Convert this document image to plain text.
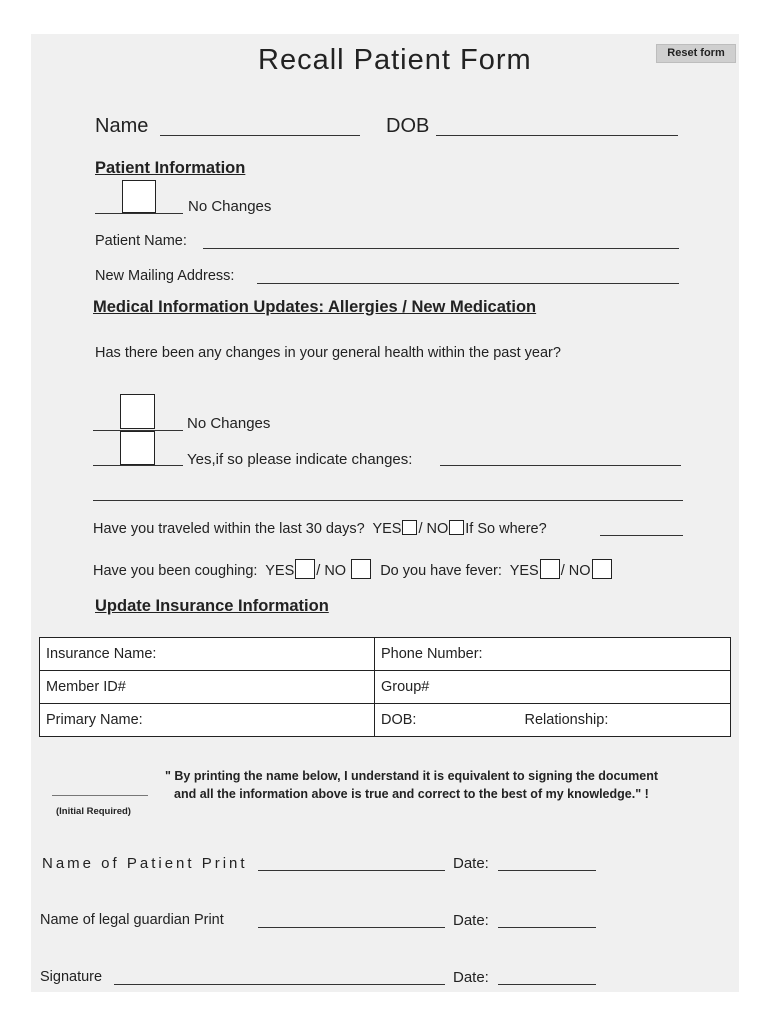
Recall Patient Form	Reset form
Name	DOB
Patient Information
No Changes
Patient Name:
New Mailing Address:
Medical Information Updates: Allergies / New Medication
Has there been any changes in your general health within the past year?
No Changes
Yes,if so please indicate changes:
Have you traveled within the last 30 days? YES / NO If So where?
Have you been coughing: YES / NO Do you have fever: YES / NO
Update Insurance Information
Insurance Name:	Phone Number:
Member ID#	Group#
Primary Name:	DOB: Relationship:
(Initial Required)
" By printing the name below, I understand it is equivalent to signing the document
and all the information above is true and correct to the best of my knowledge." !
Name of Patient Print	Date:
Name of legal guardian Print	Date:
Signature	Date:
